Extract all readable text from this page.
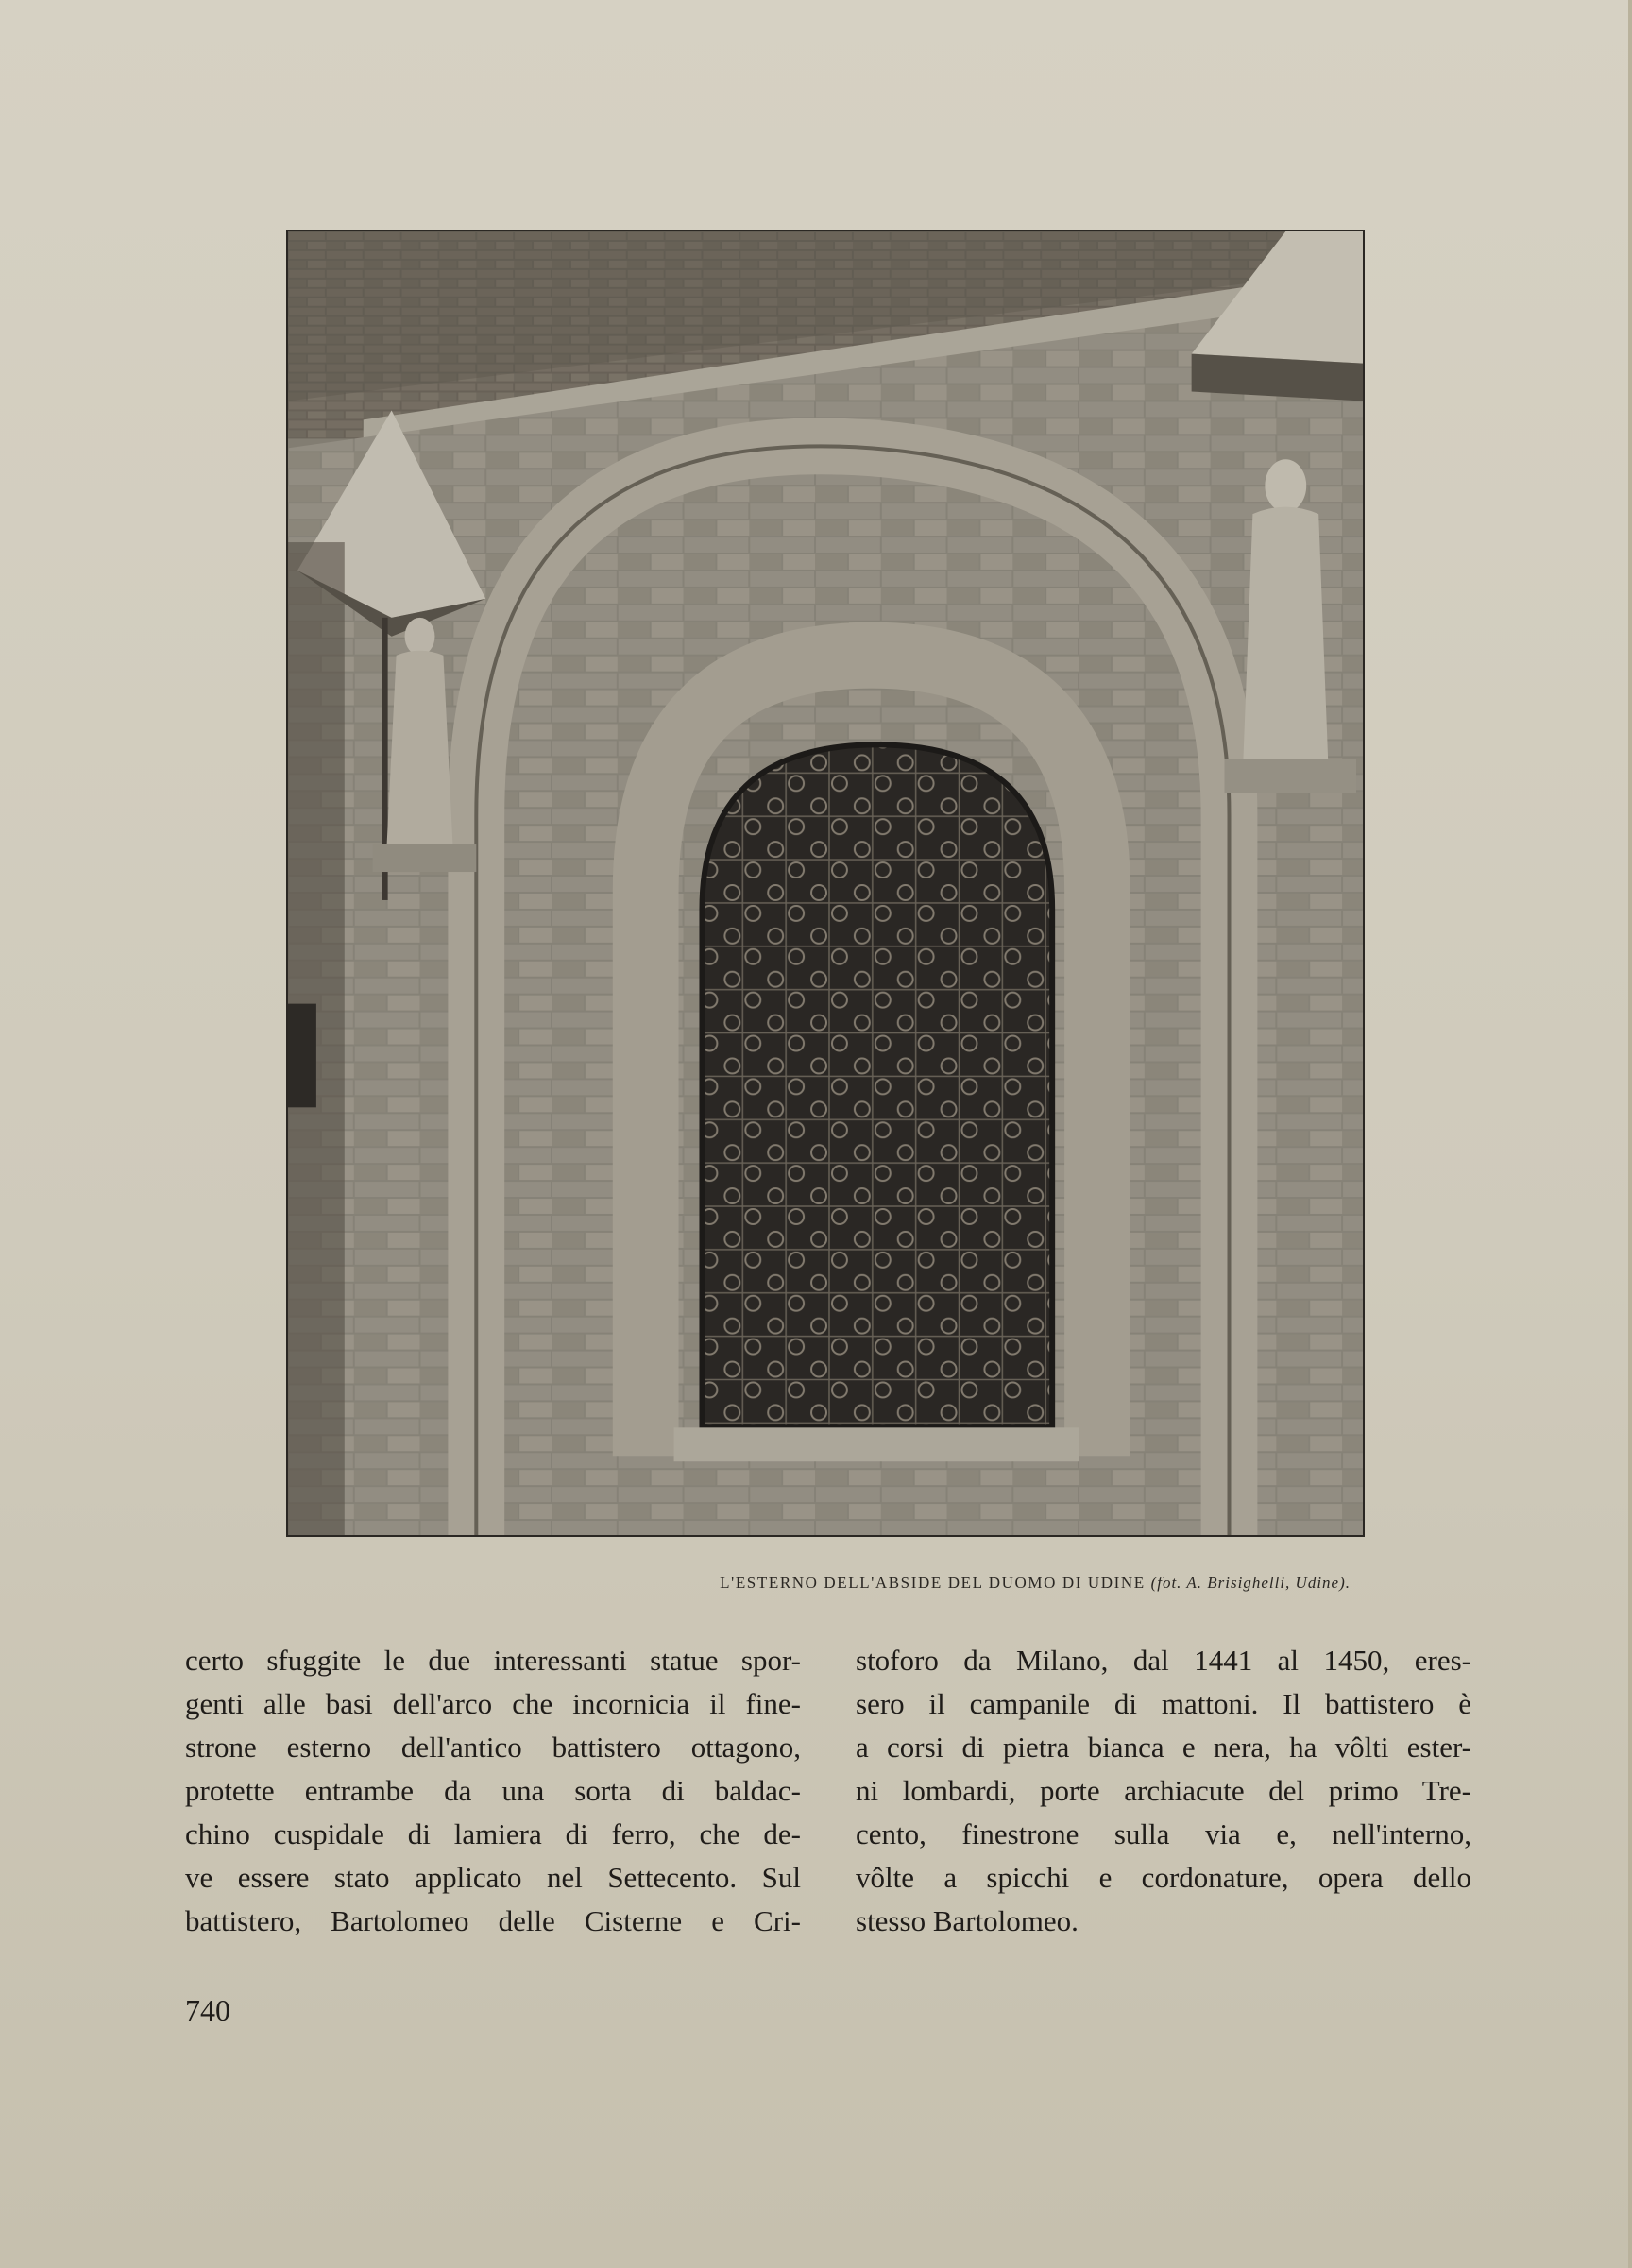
L'ESTERNO DELL'ABSIDE DEL DUOMO DI UDINE (fot. A. Brisighelli, Udine).
certo sfuggite le due interessanti statue spor-
genti alle basi dell'arco che incornicia il fine-
strone esterno dell'antico battistero ottagono,
protette entrambe da una sorta di baldac-
chino cuspidale di lamiera di ferro, che de-
ve essere stato applicato nel Settecento. Sul
battistero, Bartolomeo delle Cisterne e Cri-
stoforo da Milano, dal 1441 al 1450, eres-
sero il campanile di mattoni. Il battistero è
a corsi di pietra bianca e nera, ha vôlti ester-
ni lombardi, porte archiacute del primo Tre-
cento, finestrone sulla via e, nell'interno,
vôlte a spicchi e cordonature, opera dello
stesso Bartolomeo.
740
